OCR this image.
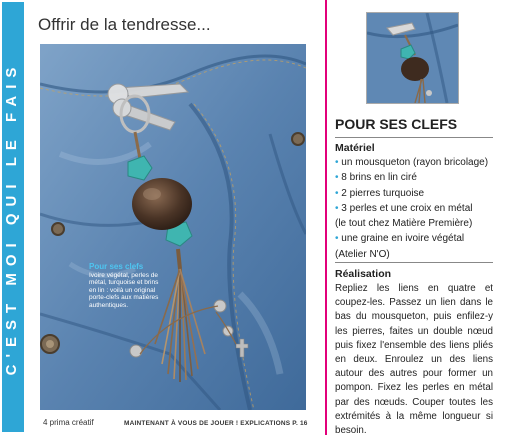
C'EST MOI QUI LE FAIS
Offrir de la tendresse...
Pour ses clefs
Ivoire végétal, perles de métal, turquoise et brins en lin : voilà un original porte-clefs aux matières authentiques.
4 prima créatif	MAINTENANT À VOUS DE JOUER ! EXPLICATIONS P. 16
POUR SES CLEFS
Matériel
• un mousqueton (rayon bricolage)
• 8 brins en lin ciré
• 2 pierres turquoise
• 3 perles et une croix en métal
(le tout chez Matière Première)
• une graine en ivoire végétal
(Atelier N'O)
Réalisation
Repliez les liens en quatre et coupez-les. Passez un lien dans le bas du mousqueton, puis enfilez-y les pierres, faites un double nœud puis fixez l'ensemble des liens pliés en deux. Enroulez un des liens autour des autres pour former un pompon. Fixez les perles en métal par des nœuds. Couper toutes les extrémités à la même longueur si besoin.
